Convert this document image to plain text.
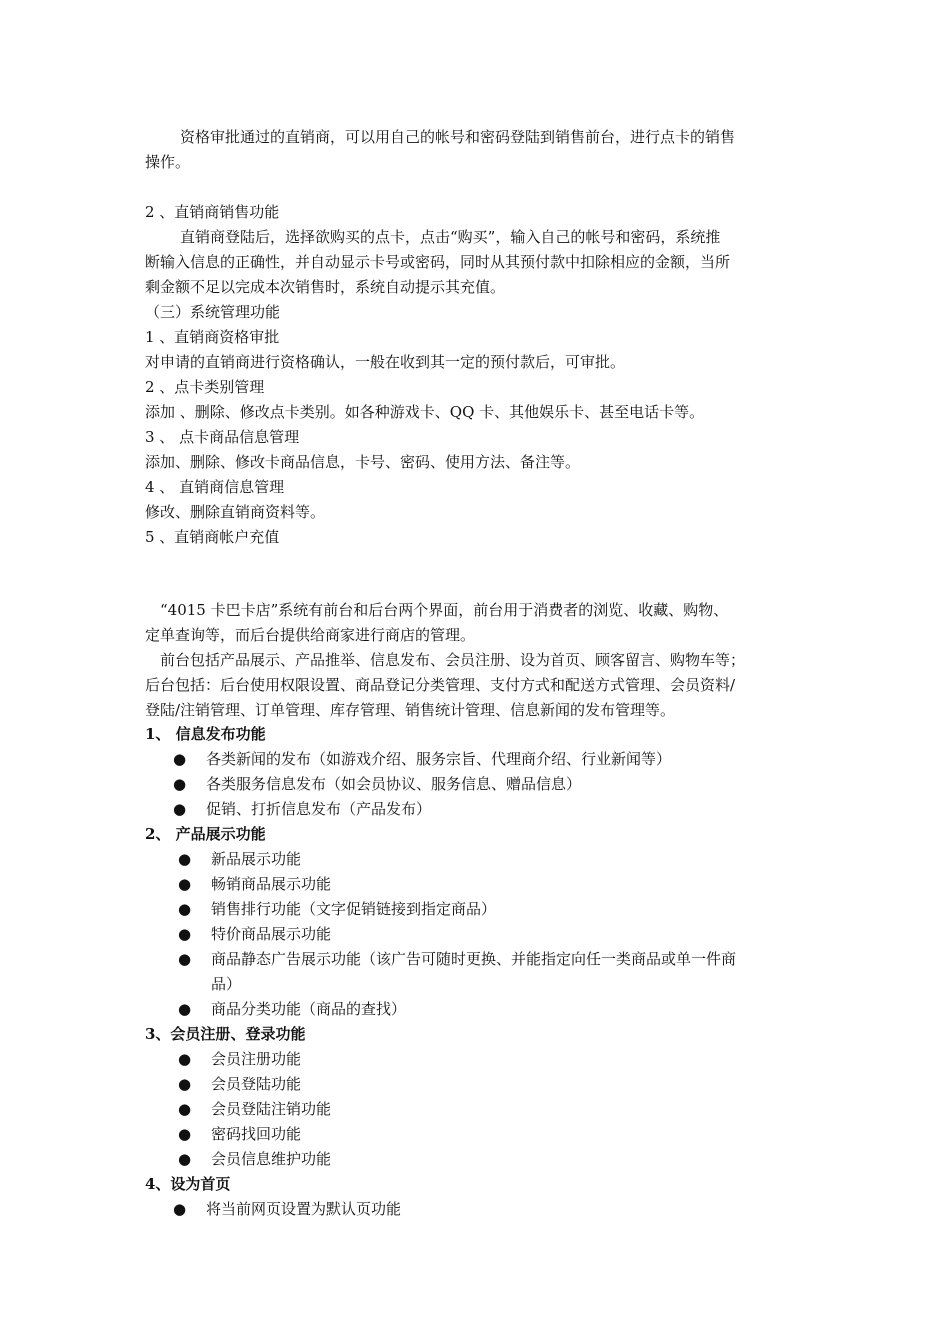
资格审批通过的直销商，可以用自己的帐号和密码登陆到销售前台，进行点卡的销售
操作。
2 、直销商销售功能
直销商登陆后，选择欲购买的点卡，点击“购买”，输入自己的帐号和密码，系统推
断输入信息的正确性，并自动显示卡号或密码，同时从其预付款中扣除相应的金额，当所
剩金额不足以完成本次销售时，系统自动提示其充值。
（三）系统管理功能
1 、直销商资格审批
对申请的直销商进行资格确认，一般在收到其一定的预付款后，可审批。
2 、点卡类别管理
添加 、删除、修改点卡类别。如各种游戏卡、QQ 卡、其他娱乐卡、甚至电话卡等。
3 、 点卡商品信息管理
添加、删除、修改卡商品信息，卡号、密码、使用方法、备注等。
4 、 直销商信息管理
修改、删除直销商资料等。
5 、直销商帐户充值
“4015 卡巴卡店”系统有前台和后台两个界面，前台用于消费者的浏览、收藏、购物、
定单查询等，而后台提供给商家进行商店的管理。
前台包括产品展示、产品推举、信息发布、会员注册、设为首页、顾客留言、购物车等；
后台包括：后台使用权限设置、商品登记分类管理、支付方式和配送方式管理、会员资料/
登陆/注销管理、订单管理、库存管理、销售统计管理、信息新闻的发布管理等。
1、 信息发布功能
● 各类新闻的发布（如游戏介绍、服务宗旨、代理商介绍、行业新闻等）
● 各类服务信息发布（如会员协议、服务信息、赠品信息）
● 促销、打折信息发布（产品发布）
2、 产品展示功能
● 新品展示功能
● 畅销商品展示功能
● 销售排行功能（文字促销链接到指定商品）
● 特价商品展示功能
● 商品静态广告展示功能（该广告可随时更换、并能指定向任一类商品或单一件商
品）
● 商品分类功能（商品的查找）
3、会员注册、登录功能
● 会员注册功能
● 会员登陆功能
● 会员登陆注销功能
● 密码找回功能
● 会员信息维护功能
4、设为首页
● 将当前网页设置为默认页功能
